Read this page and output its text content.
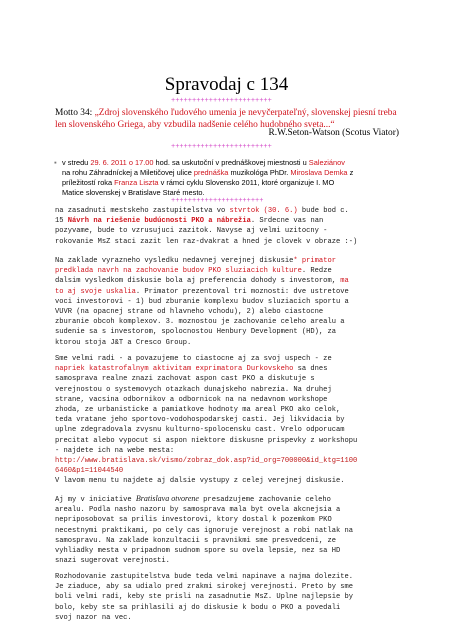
Spravodaj c 134
++++++++++++++++++++++++
Motto 34: „Zdroj slovenského ľudového umenia je nevyčerpateľný, slovenskej piesní treba len slovenského Griega, aby vzbudila nadšenie celého hudobného sveta...“
R.W.Seton-Watson (Scotus Viator)
++++++++++++++++++++++++
▪ v stredu 29. 6. 2011 o 17.00 hod. sa uskutoční v prednáškovej miestnosti u Saleziánov
na rohu Záhradníckej a Miletičovej ulice prednáška muzikológa PhDr. Miroslava Demka z
príležitostí roka Franza Liszta v rámci cyklu Slovensko 2011, ktoré organizuje I. MO
Matice slovenskej v Bratislave Staré mesto.
++++++++++++++++++++++
na zasadnuti mestskeho zastupitelstva vo stvrtok (30. 6.) bude bod c.
15 Návrh na riešenie budúcnosti PKO a nábrežia. Srdecne vas nan
pozyvame, bude to vzrusujuci zazitok. Navyse aj velmi uzitocny -
rokovanie MsZ staci zazit len raz-dvakrat a hned je clovek v obraze :-)
Na zaklade vyrazneho vysledku nedavnej verejnej diskusie* primator
predklada navrh na zachovanie budov PKO sluziacich kulture. Redze
dalsim vysledkom diskusie bola aj preferencia dohody s investorom, ma
to aj svoje uskalia. Primator prezentoval tri moznosti: dve ustretove
voci investorovi - 1) bud zburanie komplexu budov sluziacich sportu a
VUVR (na opacnej strane od hlavneho vchodu), 2) alebo ciastocne
zburanie obcoh komplexov. 3. moznostou je zachovanie celeho arealu a
sudenie sa s investorom, spolocnostou Henbury Development (HD), za
ktorou stoja J&T a Cresco Group.
Sme velmi radi - a povazujeme to ciastocne aj za svoj uspech - ze
napriek katastrofalnym aktivitam exprimatora Durkovskeho sa dnes
samosprava realne znazi zachovat aspon cast PKO a diskutuje s
verejnostou o systemovych otazkach dunajskeho nabrezia. Na druhej
strane, vacsina odbornikov a odbornicok na na nedavnom workshope
zhoda, ze urbanisticke a pamiatkove hodnoty ma areal PKO ako celok,
teda vratane jeho sportovo-vodohospodarskej casti. Jej likvidacia by
uplne zdegradovala zvysnu kulturno-spolocensku cast. Vrelo odporucam
precitat alebo vypocut si aspon niektore diskusne prispevky z workshopu
- najdete ich na webe mesta:
http://www.bratislava.sk/vismo/zobraz_dok.asp?id_org=700000&id_ktg=1100
6460&p1=11044540
V lavom menu tu najdete aj dalsie vystupy z celej verejnej diskusie.
Aj my v iniciative Bratislava otvorene presadzujeme zachovanie celeho
arealu. Podla nasho nazoru by samosprava mala byt ovela akcnejsia a
nepriposobovat sa prilis investorovi, ktory dostal k pozemkom PKO
necestnymi praktikami, po cely cas ignoruje verejnost a robi natlak na
samospravu. Na zaklade konzultacii s pravnikmi sme presvedceni, ze
vyhliadky mesta v pripadnom sudnom spore su ovela lepsie, nez sa HD
snazi sugerovat verejnosti.
Rozhodovanie zastupitelstva bude teda velmi napinave a najma dolezite.
Je ziaduce, aby sa udialo pred zrakmi sirokej verejnosti. Preto by sme
boli velmi radi, keby ste prisli na zasadnutie MsZ. Uplne najlepsie by
bolo, keby ste sa prihlasili aj do diskusie k bodu o PKO a povedali
svoj nazor na vec.
